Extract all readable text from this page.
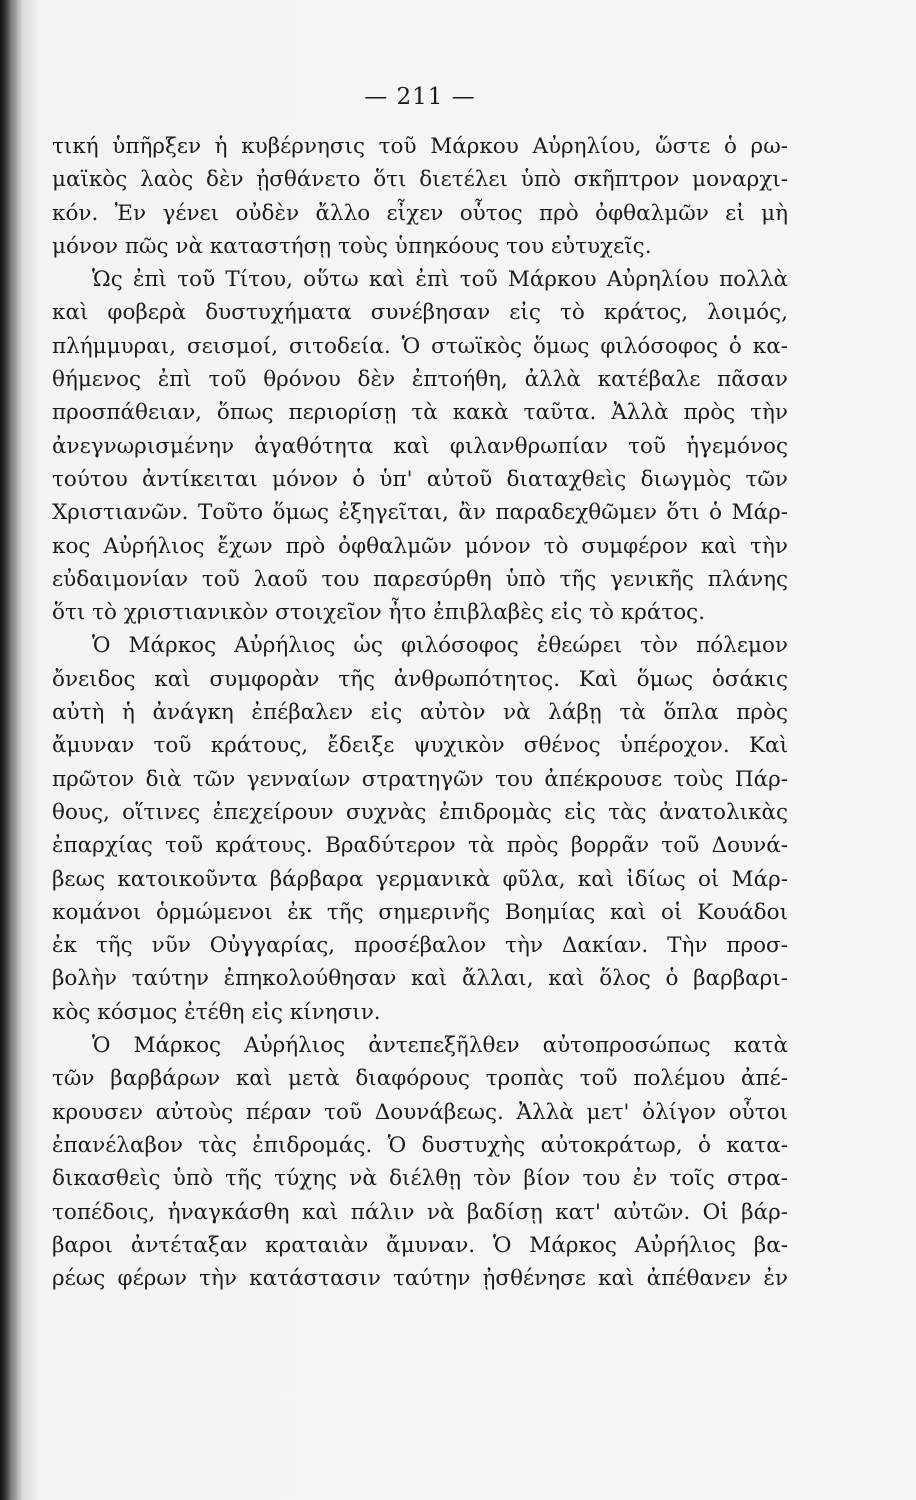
— 211 —
τική ὑπῆρξεν ἡ κυβέρνησις τοῦ Μάρκου Αὐρηλίου, ὥστε ὁ ρω-
μαϊκὸς λαὸς δὲν ᾐσθάνετο ὅτι διετέλει ὑπὸ σκῆπτρον μοναρχι-
κόν. Ἐν γένει οὐδὲν ἄλλο εἶχεν οὗτος πρὸ ὀφθαλμῶν εἰ μὴ
μόνον πῶς νὰ καταστήσῃ τοὺς ὑπηκόους του εὐτυχεῖς.
Ὡς ἐπὶ τοῦ Τίτου, οὕτω καὶ ἐπὶ τοῦ Μάρκου Αὐρηλίου πολλὰ
καὶ φοβερὰ δυστυχήματα συνέβησαν εἰς τὸ κράτος, λοιμός,
πλήμμυραι, σεισμοί, σιτοδεία. Ὁ στωϊκὸς ὅμως φιλόσοφος ὁ κα-
θήμενος ἐπὶ τοῦ θρόνου δὲν ἐπτοήθη, ἀλλὰ κατέβαλε πᾶσαν
προσπάθειαν, ὅπως περιορίσῃ τὰ κακὰ ταῦτα. Ἀλλὰ πρὸς τὴν
ἀνεγνωρισμένην ἀγαθότητα καὶ φιλανθρωπίαν τοῦ ἡγεμόνος
τούτου ἀντίκειται μόνον ὁ ὑπ' αὐτοῦ διαταχθεὶς διωγμὸς τῶν
Χριστιανῶν. Τοῦτο ὅμως ἐξηγεῖται, ἂν παραδεχθῶμεν ὅτι ὁ Μάρ-
κος Αὐρήλιος ἔχων πρὸ ὀφθαλμῶν μόνον τὸ συμφέρον καὶ τὴν
εὐδαιμονίαν τοῦ λαοῦ του παρεσύρθη ὑπὸ τῆς γενικῆς πλάνης
ὅτι τὸ χριστιανικὸν στοιχεῖον ἦτο ἐπιβλαβὲς εἰς τὸ κράτος.
Ὁ Μάρκος Αὐρήλιος ὡς φιλόσοφος ἐθεώρει τὸν πόλεμον
ὄνειδος καὶ συμφορὰν τῆς ἀνθρωπότητος. Καὶ ὅμως ὁσάκις
αὐτὴ ἡ ἀνάγκη ἐπέβαλεν εἰς αὐτὸν νὰ λάβῃ τὰ ὅπλα πρὸς
ἄμυναν τοῦ κράτους, ἔδειξε ψυχικὸν σθένος ὑπέροχον. Καὶ
πρῶτον διὰ τῶν γενναίων στρατηγῶν του ἀπέκρουσε τοὺς Πάρ-
θους, οἵτινες ἐπεχείρουν συχνὰς ἐπιδρομὰς εἰς τὰς ἀνατολικὰς
ἐπαρχίας τοῦ κράτους. Βραδύτερον τὰ πρὸς βορρᾶν τοῦ Δουνά-
βεως κατοικοῦντα βάρβαρα γερμανικὰ φῦλα, καὶ ἰδίως οἱ Μάρ-
κομάνοι ὁρμώμενοι ἐκ τῆς σημερινῆς Βοημίας καὶ οἱ Κουάδοι
ἐκ τῆς νῦν Οὐγγαρίας, προσέβαλον τὴν Δακίαν. Τὴν προσ-
βολὴν ταύτην ἐπηκολούθησαν καὶ ἄλλαι, καὶ ὅλος ὁ βαρβαρι-
κὸς κόσμος ἐτέθη εἰς κίνησιν.
Ὁ Μάρκος Αὐρήλιος ἀντεπεξῆλθεν αὐτοπροσώπως κατὰ
τῶν βαρβάρων καὶ μετὰ διαφόρους τροπὰς τοῦ πολέμου ἀπέ-
κρουσεν αὐτοὺς πέραν τοῦ Δουνάβεως. Ἀλλὰ μετ' ὀλίγον οὗτοι
ἐπανέλαβον τὰς ἐπιδρομάς. Ὁ δυστυχὴς αὐτοκράτωρ, ὁ κατα-
δικασθεὶς ὑπὸ τῆς τύχης νὰ διέλθῃ τὸν βίον του ἐν τοῖς στρα-
τοπέδοις, ἠναγκάσθη καὶ πάλιν νὰ βαδίσῃ κατ' αὐτῶν. Οἱ βάρ-
βαροι ἀντέταξαν κραταιὰν ἄμυναν. Ὁ Μάρκος Αὐρήλιος βα-
ρέως φέρων τὴν κατάστασιν ταύτην ᾐσθένησε καὶ ἀπέθανεν ἐν
